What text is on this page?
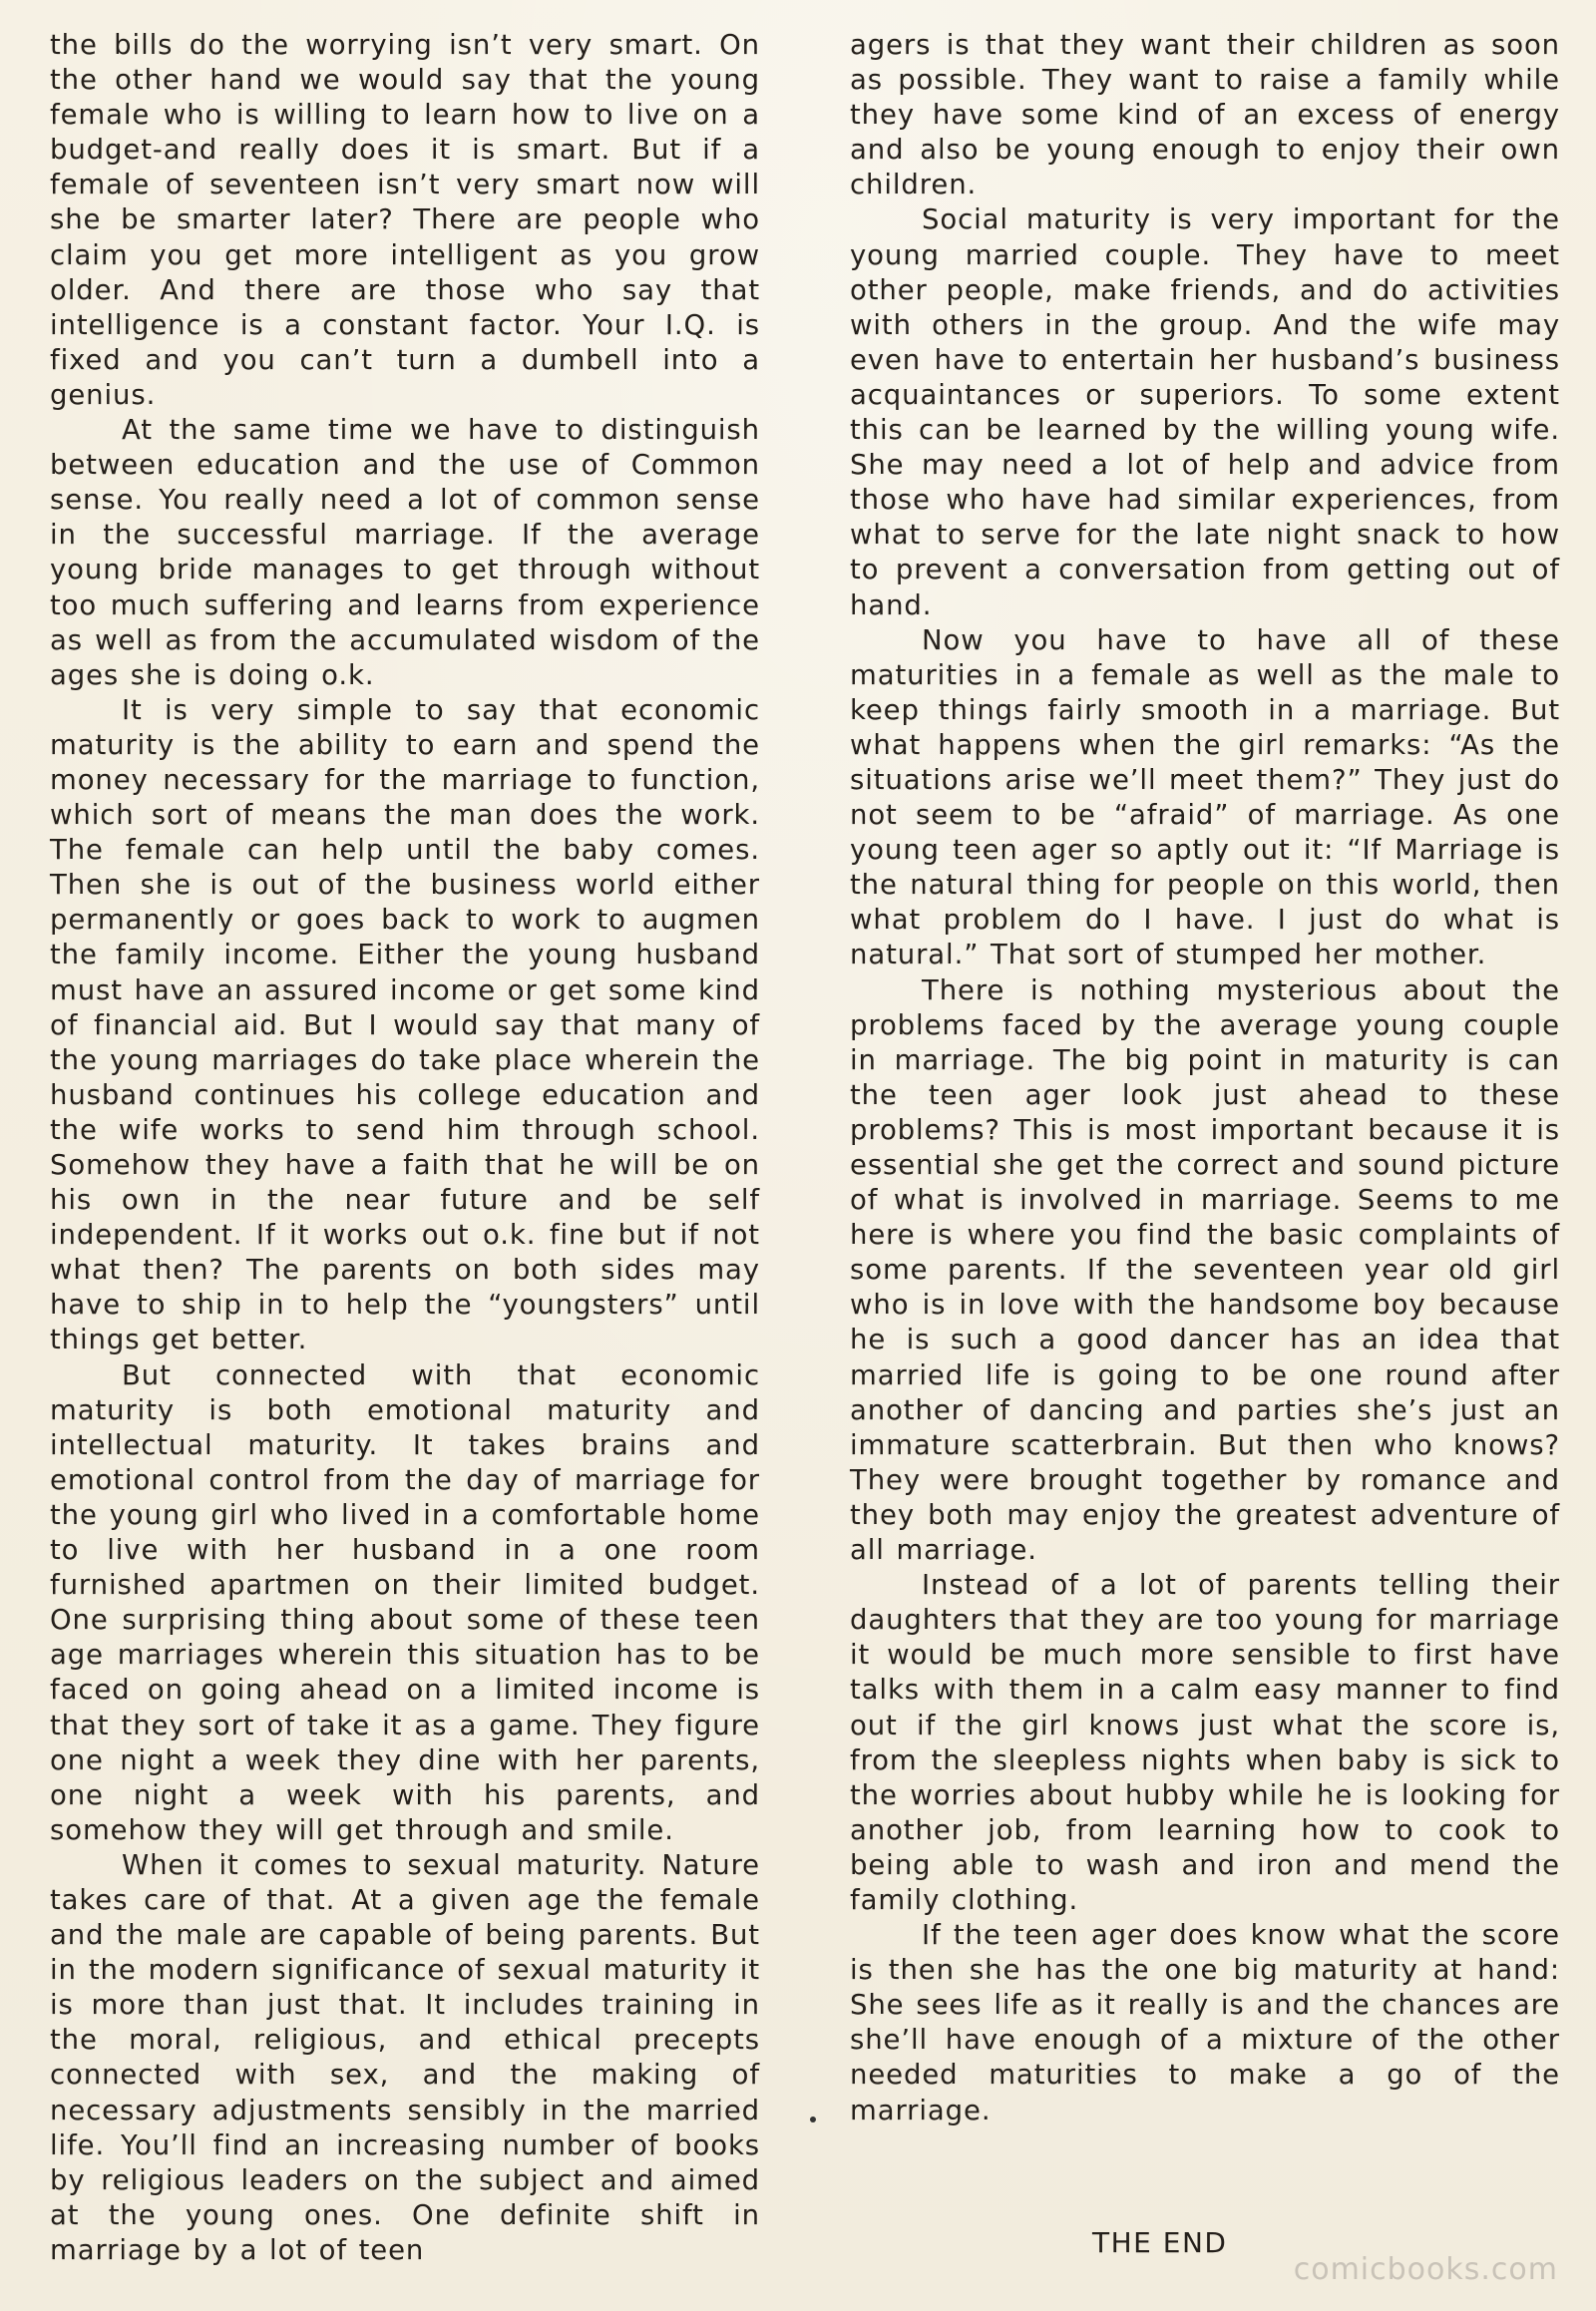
the bills do the worrying isn’t very smart. On the other hand we would say that the young female who is willing to learn how to live on a budget-and really does it is smart. But if a female of seventeen isn’t very smart now will she be smarter later? There are people who claim you get more intelligent as you grow older. And there are those who say that intelligence is a constant factor. Your I.Q. is fixed and you can’t turn a dumbell into a genius.

At the same time we have to distinguish between education and the use of Common sense. You really need a lot of common sense in the successful marriage. If the average young bride manages to get through without too much suffering and learns from experience as well as from the accumulated wisdom of the ages she is doing o.k.

It is very simple to say that economic maturity is the ability to earn and spend the money necessary for the marriage to function, which sort of means the man does the work. The female can help until the baby comes. Then she is out of the business world either permanently or goes back to work to augmen the family income. Either the young husband must have an assured income or get some kind of financial aid. But I would say that many of the young marriages do take place wherein the husband continues his college education and the wife works to send him through school. Somehow they have a faith that he will be on his own in the near future and be self independent. If it works out o.k. fine but if not what then? The parents on both sides may have to ship in to help the “youngsters” until things get better.

But connected with that economic maturity is both emotional maturity and intellectual maturity. It takes brains and emotional control from the day of marriage for the young girl who lived in a comfortable home to live with her husband in a one room furnished apartmen on their limited budget. One surprising thing about some of these teen age marriages wherein this situation has to be faced on going ahead on a limited income is that they sort of take it as a game. They figure one night a week they dine with her parents, one night a week with his parents, and somehow they will get through and smile.

When it comes to sexual maturity. Nature takes care of that. At a given age the female and the male are capable of being parents. But in the modern significance of sexual maturity it is more than just that. It includes training in the moral, religious, and ethical precepts connected with sex, and the making of necessary adjustments sensibly in the married life. You’ll find an increasing number of books by religious leaders on the subject and aimed at the young ones. One definite shift in marriage by a lot of teen

agers is that they want their children as soon as possible. They want to raise a family while they have some kind of an excess of energy and also be young enough to enjoy their own children.

Social maturity is very important for the young married couple. They have to meet other people, make friends, and do activities with others in the group. And the wife may even have to entertain her husband’s business acquaintances or superiors. To some extent this can be learned by the willing young wife. She may need a lot of help and advice from those who have had similar experiences, from what to serve for the late night snack to how to prevent a conversation from getting out of hand.

Now you have to have all of these maturities in a female as well as the male to keep things fairly smooth in a marriage. But what happens when the girl remarks: “As the situations arise we’ll meet them?” They just do not seem to be “afraid” of marriage. As one young teen ager so aptly out it: “If Marriage is the natural thing for people on this world, then what problem do I have. I just do what is natural.” That sort of stumped her mother.

There is nothing mysterious about the problems faced by the average young couple in marriage. The big point in maturity is can the teen ager look just ahead to these problems? This is most important because it is essential she get the correct and sound picture of what is involved in marriage. Seems to me here is where you find the basic complaints of some parents. If the seventeen year old girl who is in love with the handsome boy because he is such a good dancer has an idea that married life is going to be one round after another of dancing and parties she’s just an immature scatterbrain. But then who knows? They were brought together by romance and they both may enjoy the greatest adventure of all marriage.

Instead of a lot of parents telling their daughters that they are too young for marriage it would be much more sensible to first have talks with them in a calm easy manner to find out if the girl knows just what the score is, from the sleepless nights when baby is sick to the worries about hubby while he is looking for another job, from learning how to cook to being able to wash and iron and mend the family clothing.

If the teen ager does know what the score is then she has the one big maturity at hand: She sees life as it really is and the chances are she’ll have enough of a mixture of the other needed maturities to make a go of the marriage.

THE END

comicbooks.com
